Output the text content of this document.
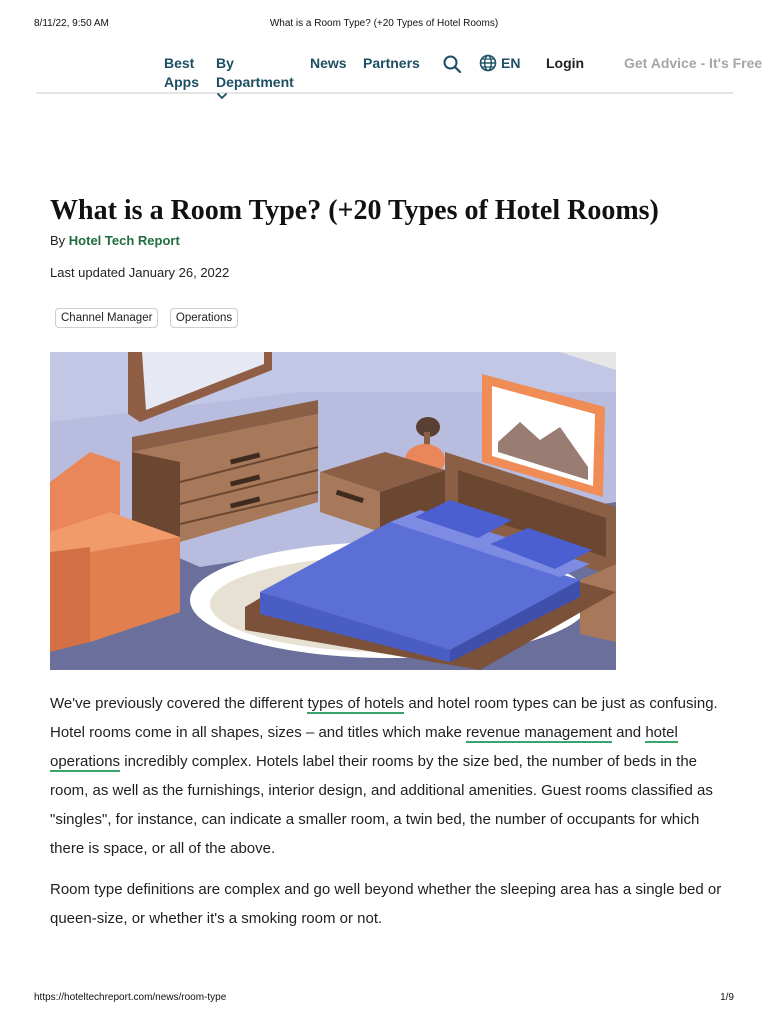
8/11/22, 9:50 AM	What is a Room Type? (+20 Types of Hotel Rooms)
Best Apps
By Department
News Partners	EN Login	Get Advice - It's Free
What is a Room Type? (+20 Types of Hotel Rooms)
By Hotel Tech Report
Last updated January 26, 2022
Channel Manager Operations
We've previously covered the different types of hotels and hotel room types can be just as confusing. Hotel rooms come in all shapes, sizes – and titles which make revenue management and hotel operations incredibly complex. Hotels label their rooms by the size bed, the number of beds in the room, as well as the furnishings, interior design, and additional amenities. Guest rooms classified as "singles", for instance, can indicate a smaller room, a twin bed, the number of occupants for which there is space, or all of the above.
Room type definitions are complex and go well beyond whether the sleeping area has a single bed or queen-size, or whether it's a smoking room or not.
https://hoteltechreport.com/news/room-type	1/9
